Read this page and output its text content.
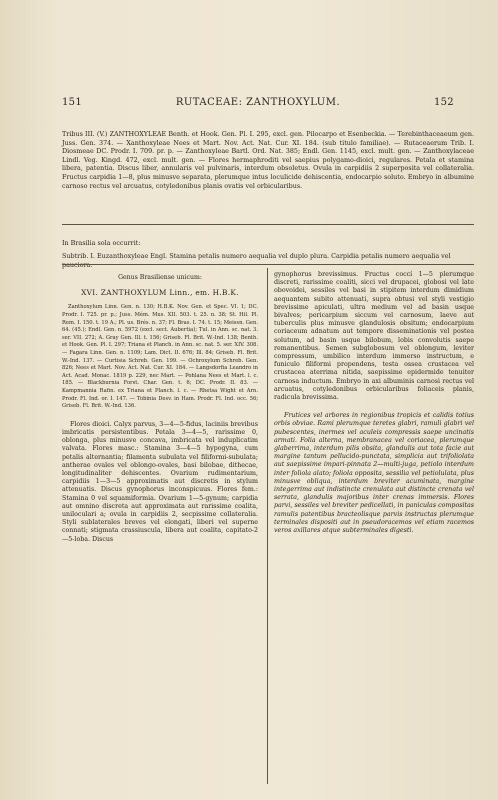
151	RUTACEAE: ZANTHOXYLUM.	152

Tribus III. (V.) ZANTHOXYLEAE Benth. et Hook. Gen. Pl. I. 295, excl. gen. Pilocarpo et Esenbeckia. — Terebinthaceaeum gen. Juss. Gen. 374. — Xanthoxyleae Nees et Mart. Nov. Act. Nat. Cur. XI. 184. (sub titulo familiae). — Rutaceaerum Trib. I. Diosmeae DC. Prodr. I. 709. pr. p. — Zanthoxyleae Bartl. Ord. Nat. 385; Endl. Gen. 1145, excl. mult. gen. — Zanthoxylaceae Lindl. Veg. Kingd. 472, excl. mult. gen. — Flores hermaphroditi vel saepius polygamo-dioici, regulares. Petala et stamina libera, patentia. Discus liber, annularis vel pulvinaris, interdum obsoletus. Ovula in carpidiis 2 superposita vel collateralia. Fructus carpidia 1—8, plus minusve separata, plerumque intus loculicide dehiscentia, endocarpio soluto. Embryo in albumine carnoso rectus vel arcuatus, cotyledonibus planis ovatis vel orbicularibus.

In Brasilia sola occurrit:

Subtrib. I. Euzanthoxyleae Engl. Stamina petalis numero aequalia vel duplo plura. Carpidia petalis numero aequalia vel pauciora.

Genus Brasiliense unicum:

XVI. ZANTHOXYLUM Linn., em. H.B.K.

Zanthoxylum Linn. Gen. n. 130; H.B.K. Nov. Gen. et Spec. VI. 1; DC. Prodr. I. 725. pr. p.; Juss. Mém. Mus. XII. 503. t. 25. n. 38; St. Hil. Pl. Rem. I. 150. t. 19 A.; Pl. us. Brés. n. 37; Fl. Bras. I. 74. t. 15; Meissn. Gen. 64. (45.); Endl. Gen. n. 5972 (excl. sect. Aubertia); Tul. in Ann. sc. nat. 3. ser. VII. 272; A. Gray Gen. Ill. t. 156; Griseb. Fl. Brit. W.-Ind. 138; Benth. et Hook. Gen. Pl. I. 297; Triana et Planch. in Ann. sc. nat. 5. ser. XIV. 308. — Fagara Linn. Gen. n. 1109; Lam. Dict. II. 676; Ill. 84; Griseb. Fl. Brit. W.-Ind. 137. — Curtisia Schreb. Gen. 199. — Ochroxylum Schreb. Gen. 826; Nees et Mart. Nov. Act. Nat. Cur. XI. 184. — Langsdorfia Leandro in Act. Acad. Monac. 1819 p. 229, nec Mart. — Pohlana Nees et Mart. l. c. 185. — Blackburnia Forst. Char. Gen. t. 6; DC. Prodr. II. 83. — Kampmannia Rafin. ex Triana et Planch. l. c. — Rhetsa Wight et Arn. Prodr. Fl. Ind. or. I. 147. — Tobinia Desv. in Ham. Prodr. Fl. Ind. occ. 56; Griseb. Fl. Brit. W.-Ind. 136.

Flores dioici. Calyx parvus, 3—4—5-fidus, laciniis brevibus imbricatis persistentibus. Petala 3—4—5, rarissime 0, oblonga, plus minusve concava, imbricata vel induplicatim valvata. Flores masc.: Stamina 3—4—5 hypogyna, cum petalis alternantia; filamenta subulata vel filiformi-subulata; antherae ovales vel oblongo-ovales, basi bilobae, dithecae, longitudinaliter dehiscentes. Ovarium rudimentarium, carpidiis 1—3—5 approximatis aut discretis in stylum attenuatis. Discus gynophorus inconspicuus. Flores fem.: Stamina 0 vel squamiformia. Ovarium 1—5-gynum; carpidia aut omnino discreta aut approximata aut rarissime coalita, uniloculari a; ovula in carpidiis 2, secpissime collateralia. Styli sublaterales breves vel elongati, liberi vel superne connati; stigmata crassiuscula, libera aut coalita, capitato-2—5-loba. Discus

gynophorus brevissimus. Fructus coccí 1—5 plerumque discreti, rarissime coaliti, sicci vel drupacei, globosi vel late obovoidei, sessiles vel basi in stipitem interdum dimidium aequantem subito attenuati, supra obtusi vel styli vestigio brevissime apiculati, ultra medium vel ad basin usque bivalves; pericarpium siccum vel carnosum, laeve aut tuberculis plus minusve glandulosis obsitum; endocarpium coriaceum adnatum aut tempore disseminationis vel postea solutum, ad basin usque bilobum, lobis convolutis saepe remanentibus. Semen subglobosum vel oblongum, leviter compressum, umbilico interdum immerso instructum, e funiculo filiformi propendens, testa ossea crustacea vel crustacea aterrima nitida, saepissime epidermide tenuiter carnosa inductum. Embryo in axi albuminis carnosi rectus vel arcuatus, cotyledonibus orbicularibus foliaceis planis, radicula brevissima.

Frutices vel arbores in regionibus tropicis et calidis totius orbis obviae. Rami plerumque teretes glabri, ramuli glabri vel pubescentes, inermes vel aculeis compressis saepe uncinatis armati. Folia alterna, membranacea vel coriacea, plerumque glaberrima, interdum pilis obsita, glandulis aut tota facie aut margine tantum pellucido-punctata, simplicia aut trifoliolata aut saepissime impari-pinnata 2—multi-juga, petiolo interdum inter foliola alato; foliola opposita, sessilia vel petiolulata, plus minusve obliqua, interdum breviter acuminata, margine integerrima aut indistincte crenulata aut distincte crenata vel serrata, glandulis majoribus inter crenas immersis. Flores parvi, sessiles vel breviter pedicellati, in paniculas compositas ramulis patentibus bracteolisque parvis instructas plerumque terminales dispositi aut in pseudoracemos vel etiam racemos veros axillares atque subterminales digesti.
